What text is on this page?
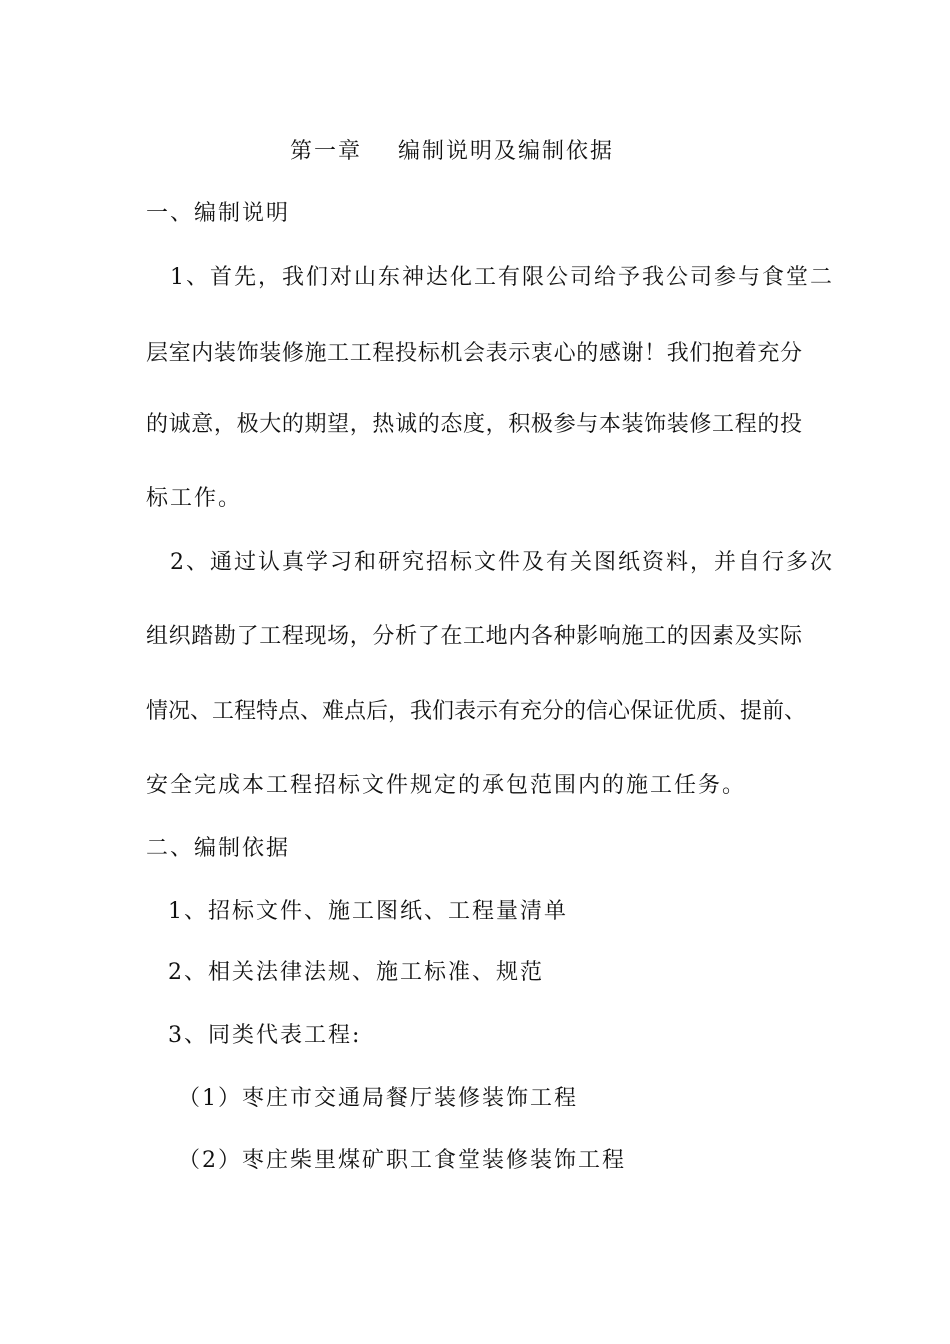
第一章 编制说明及编制依据
一、编制说明
1、首先，我们对山东神达化工有限公司给予我公司参与食堂二
层室内装饰装修施工工程投标机会表示衷心的感谢！我们抱着充分
的诚意，极大的期望，热诚的态度，积极参与本装饰装修工程的投
标工作。
2、通过认真学习和研究招标文件及有关图纸资料，并自行多次
组织踏勘了工程现场，分析了在工地内各种影响施工的因素及实际
情况、工程特点、难点后，我们表示有充分的信心保证优质、提前、
安全完成本工程招标文件规定的承包范围内的施工任务。
二、编制依据
1、招标文件、施工图纸、工程量清单
2、相关法律法规、施工标准、规范
3、同类代表工程:
（1）枣庄市交通局餐厅装修装饰工程
（2）枣庄柴里煤矿职工食堂装修装饰工程
